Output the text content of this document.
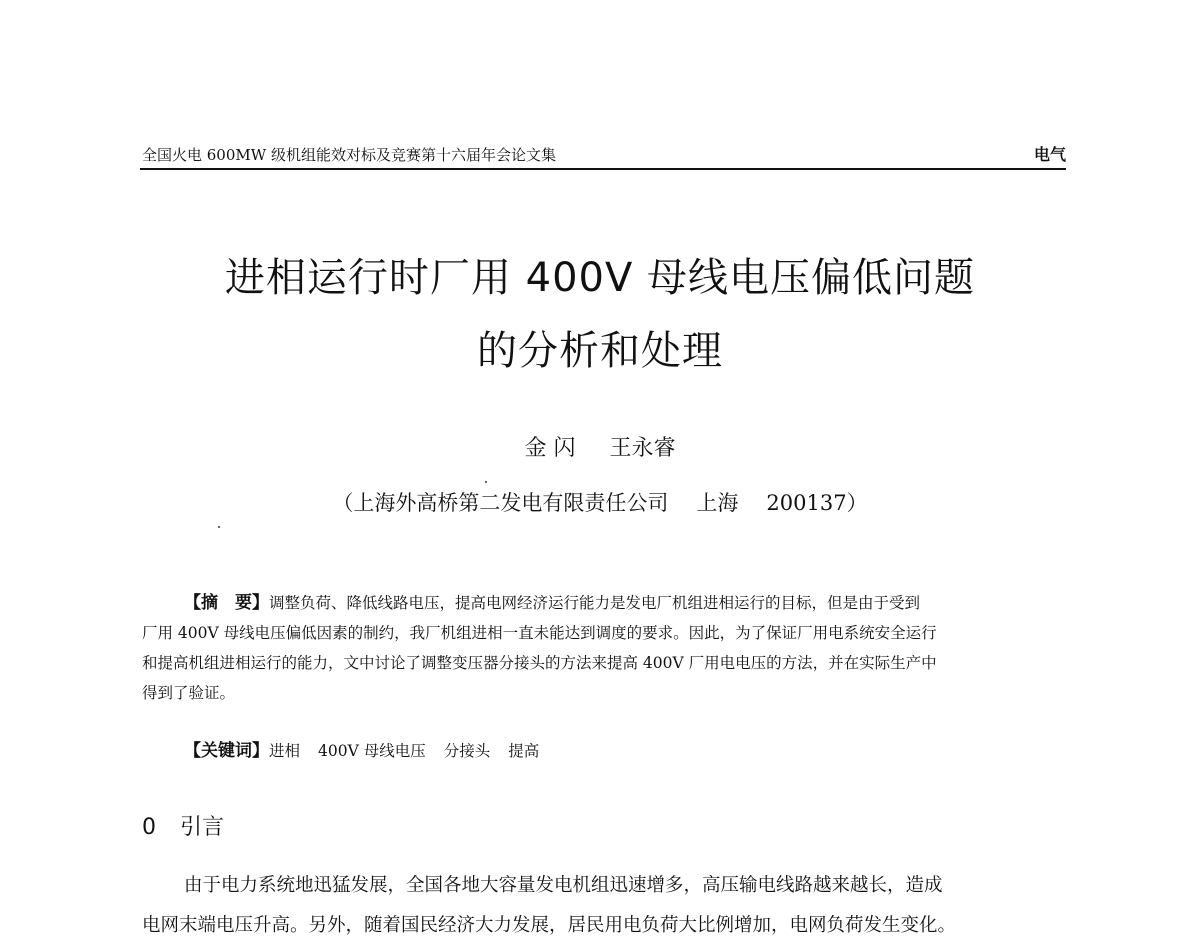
全国火电 600MW 级机组能效对标及竞赛第十六届年会论文集	电气
进相运行时厂用 400V 母线电压偏低问题
的分析和处理
金 闪 王永睿
（上海外高桥第二发电有限责任公司 上海 200137）
【摘　要】调整负荷、降低线路电压，提高电网经济运行能力是发电厂机组进相运行的目标，但是由于受到
厂用 400V 母线电压偏低因素的制约，我厂机组进相一直未能达到调度的要求。因此，为了保证厂用电系统安全运行
和提高机组进相运行的能力，文中讨论了调整变压器分接头的方法来提高 400V 厂用电电压的方法，并在实际生产中
得到了验证。
【关键词】进相 400V 母线电压 分接头 提高
0 引言
由于电力系统地迅猛发展，全国各地大容量发电机组迅速增多，高压输电线路越来越长，造成
电网末端电压升高。另外，随着国民经济大力发展，居民用电负荷大比例增加，电网负荷发生变化。
